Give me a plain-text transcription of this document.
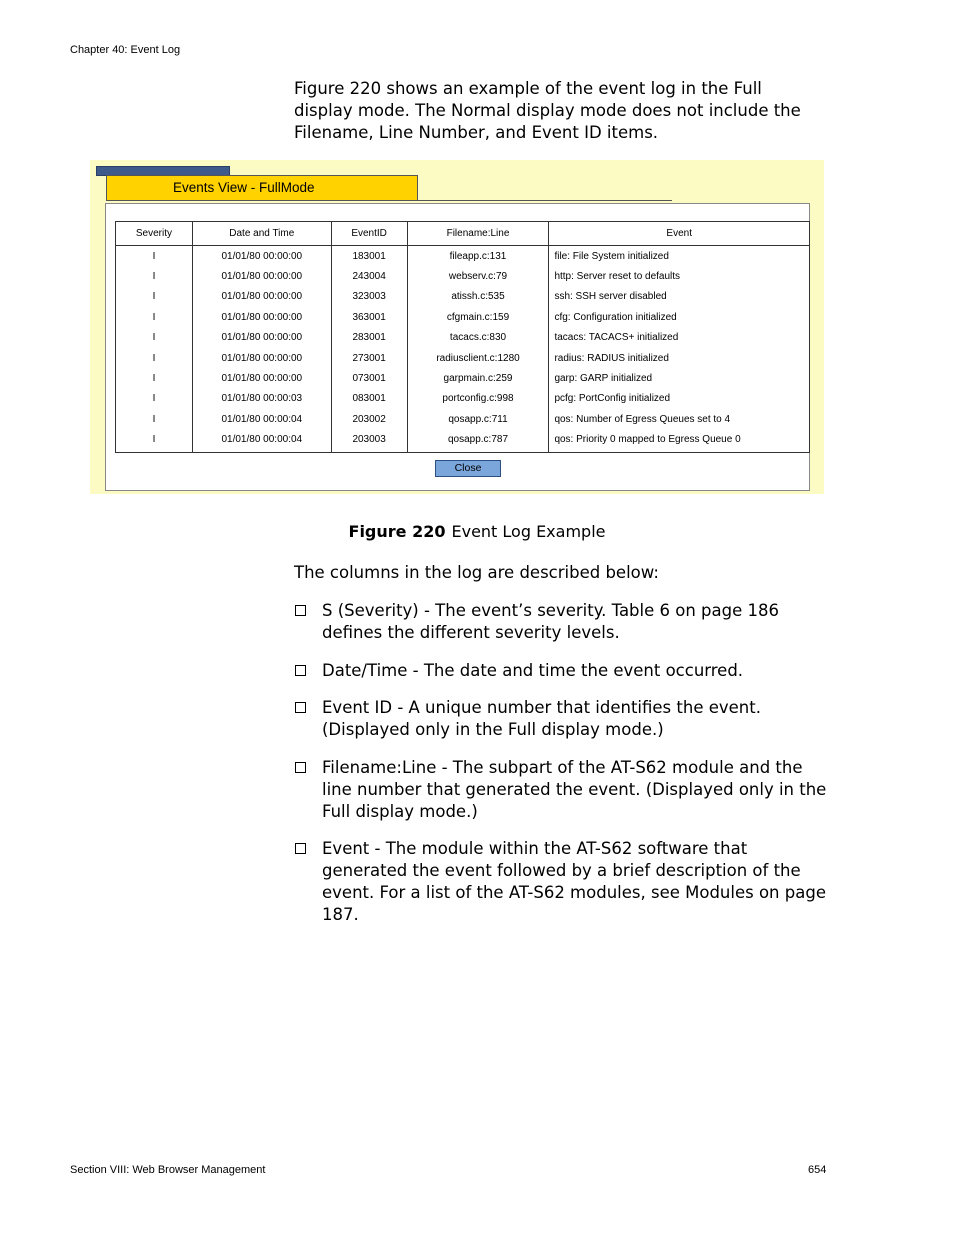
Chapter 40: Event Log

Figure 220 shows an example of the event log in the Full display mode. The Normal display mode does not include the Filename, Line Number, and Event ID items.

Events View - FullMode
Severity	Date and Time	EventID	Filename:Line	Event
I	01/01/80 00:00:00	183001	fileapp.c:131	file: File System initialized
I	01/01/80 00:00:00	243004	webserv.c:79	http: Server reset to defaults
I	01/01/80 00:00:00	323003	atissh.c:535	ssh: SSH server disabled
I	01/01/80 00:00:00	363001	cfgmain.c:159	cfg: Configuration initialized
I	01/01/80 00:00:00	283001	tacacs.c:830	tacacs: TACACS+ initialized
I	01/01/80 00:00:00	273001	radiusclient.c:1280	radius: RADIUS initialized
I	01/01/80 00:00:00	073001	garpmain.c:259	garp: GARP initialized
I	01/01/80 00:00:03	083001	portconfig.c:998	pcfg: PortConfig initialized
I	01/01/80 00:00:04	203002	qosapp.c:711	qos: Number of Egress Queues set to 4
I	01/01/80 00:00:04	203003	qosapp.c:787	qos: Priority 0 mapped to Egress Queue 0
Close
Figure 220 Event Log Example

The columns in the log are described below:

S (Severity) - The event’s severity. Table 6 on page 186 defines the different severity levels.
Date/Time - The date and time the event occurred.
Event ID - A unique number that identifies the event. (Displayed only in the Full display mode.)
Filename:Line - The subpart of the AT-S62 module and the line number that generated the event. (Displayed only in the Full display mode.)
Event - The module within the AT-S62 software that generated the event followed by a brief description of the event. For a list of the AT-S62 modules, see Modules on page 187.
Section VIII: Web Browser Management	654
